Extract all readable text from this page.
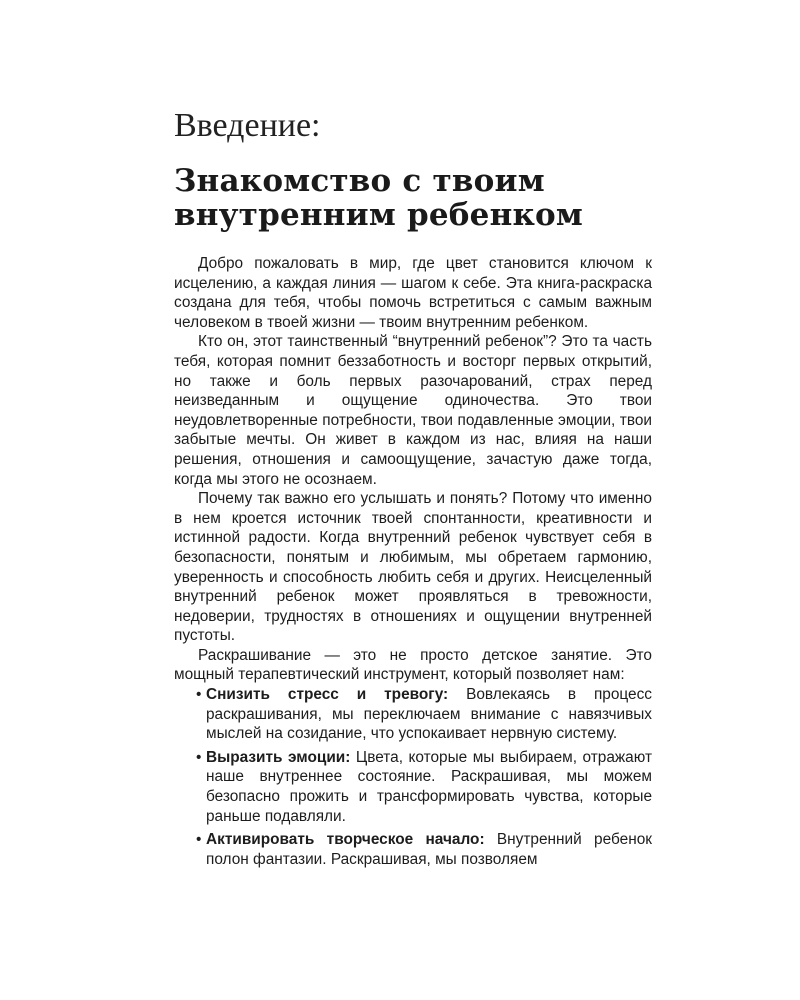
Введение:
Знакомство с твоим внутренним ребенком

Добро пожаловать в мир, где цвет становится ключом к исцелению, а каждая линия — шагом к себе. Эта книга-раскраска создана для тебя, чтобы помочь встретиться с самым важным человеком в твоей жизни — твоим внутренним ребенком.

Кто он, этот таинственный “внутренний ребенок”? Это та часть тебя, которая помнит беззаботность и восторг первых открытий, но также и боль первых разочарований, страх перед неизведанным и ощущение одиночества. Это твои неудовлетворенные потребности, твои подавленные эмоции, твои забытые мечты. Он живет в каждом из нас, влияя на наши решения, отношения и самоощущение, зачастую даже тогда, когда мы этого не осознаем.

Почему так важно его услышать и понять? Потому что именно в нем кроется источник твоей спонтанности, креативности и истинной радости. Когда внутренний ребенок чувствует себя в безопасности, понятым и любимым, мы обретаем гармонию, уверенность и способность любить себя и других. Неисцеленный внутренний ребенок может проявляться в тревожности, недоверии, трудностях в отношениях и ощущении внутренней пустоты.

Раскрашивание — это не просто детское занятие. Это мощный терапевтический инструмент, который позволяет нам:

• Снизить стресс и тревогу: Вовлекаясь в процесс раскрашивания, мы переключаем внимание с навязчивых мыслей на созидание, что успокаивает нервную систему.
• Выразить эмоции: Цвета, которые мы выбираем, отражают наше внутреннее состояние. Раскрашивая, мы можем безопасно прожить и трансформировать чувства, которые раньше подавляли.
• Активировать творческое начало: Внутренний ребенок полон фантазии. Раскрашивая, мы позволяем
